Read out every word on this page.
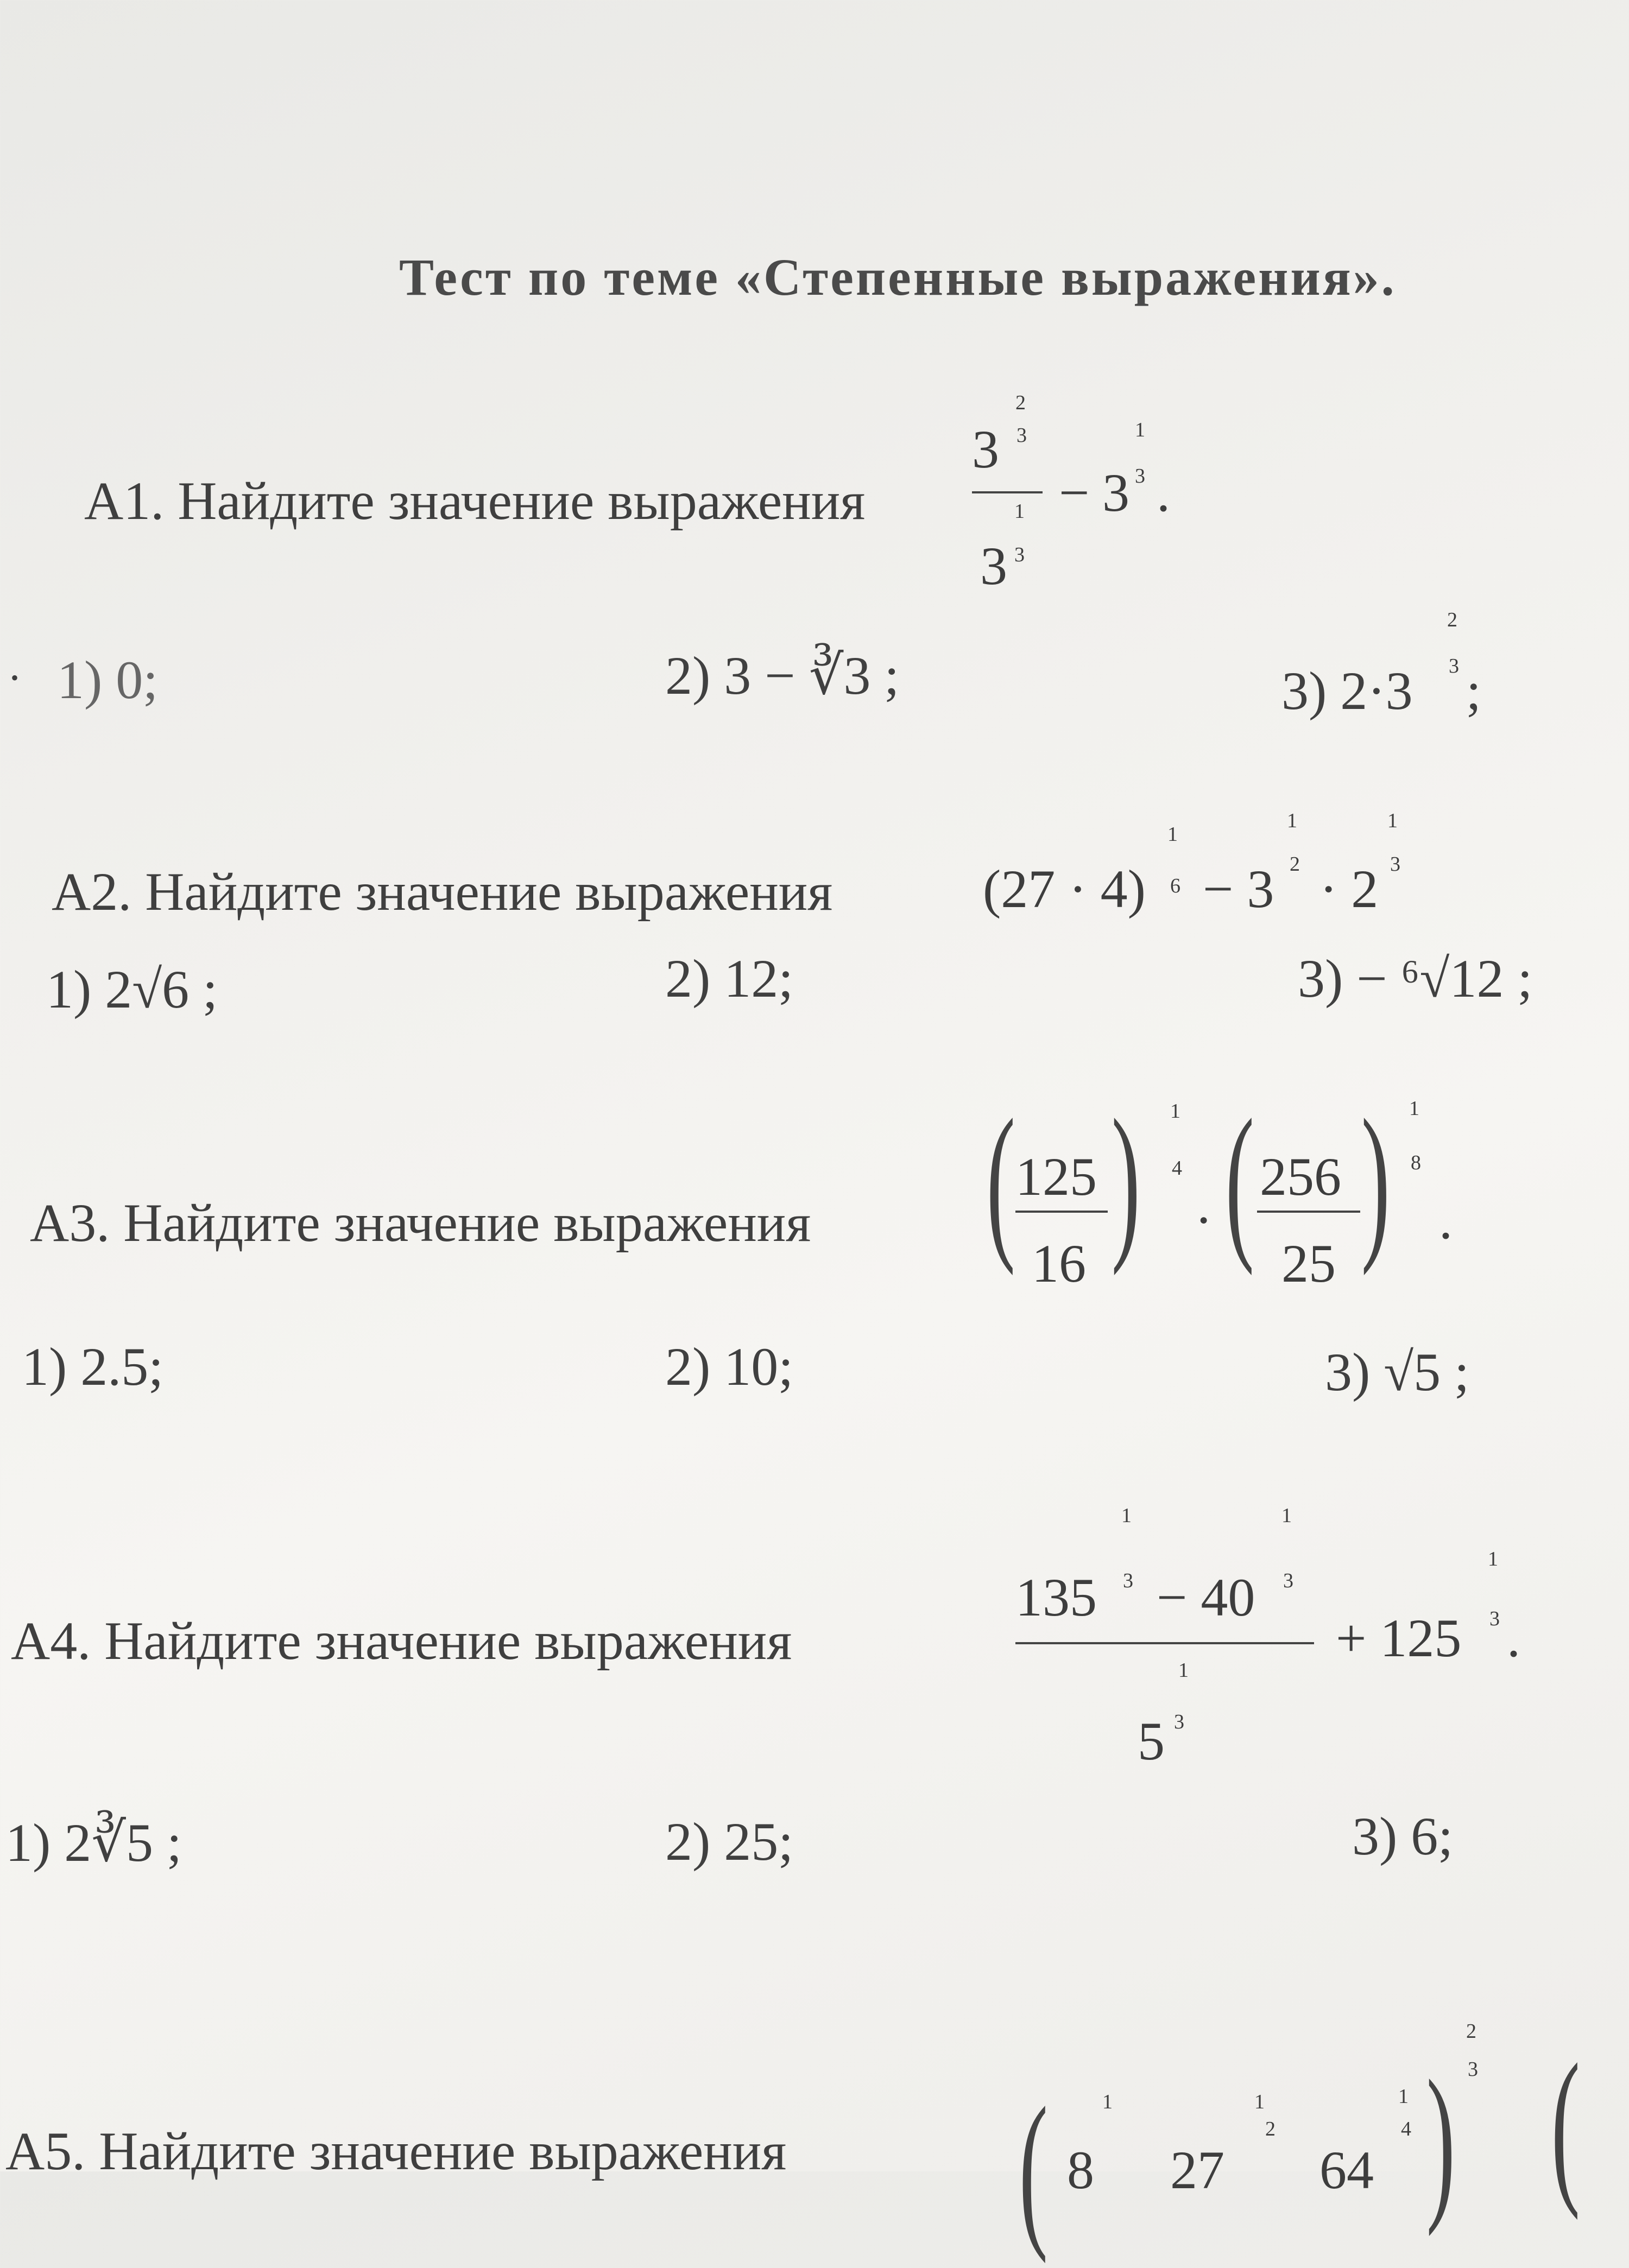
Тест по теме «Степенные выражения».
А1. Найдите значение выражения
2
3 3
1
3 3
− 3
1
3 .
• 1) 0;	2) 3 − ∛3 ;	3) 2·3
2
3 ;
А2. Найдите значение выражения	(27 · 4)
1
6 − 3
1
2 · 2
1
3
1) 2√6 ;	2) 12;	3) − ⁶√12 ;
А3. Найдите значение выражения ( 125
16 ) 1
4
· ( 256
25 ) 1
8
.
1) 2.5;	2) 10;	3) √5 ;
А4. Найдите значение выражения
1
135 3 − 40
1
3
1
5 3
+ 125
1
3 .
1) 2∛5 ;	2) 25;	3) 6;
А5. Найдите значение выражения (	1
8
1
2
27
1
4
64 )
2
3 (
